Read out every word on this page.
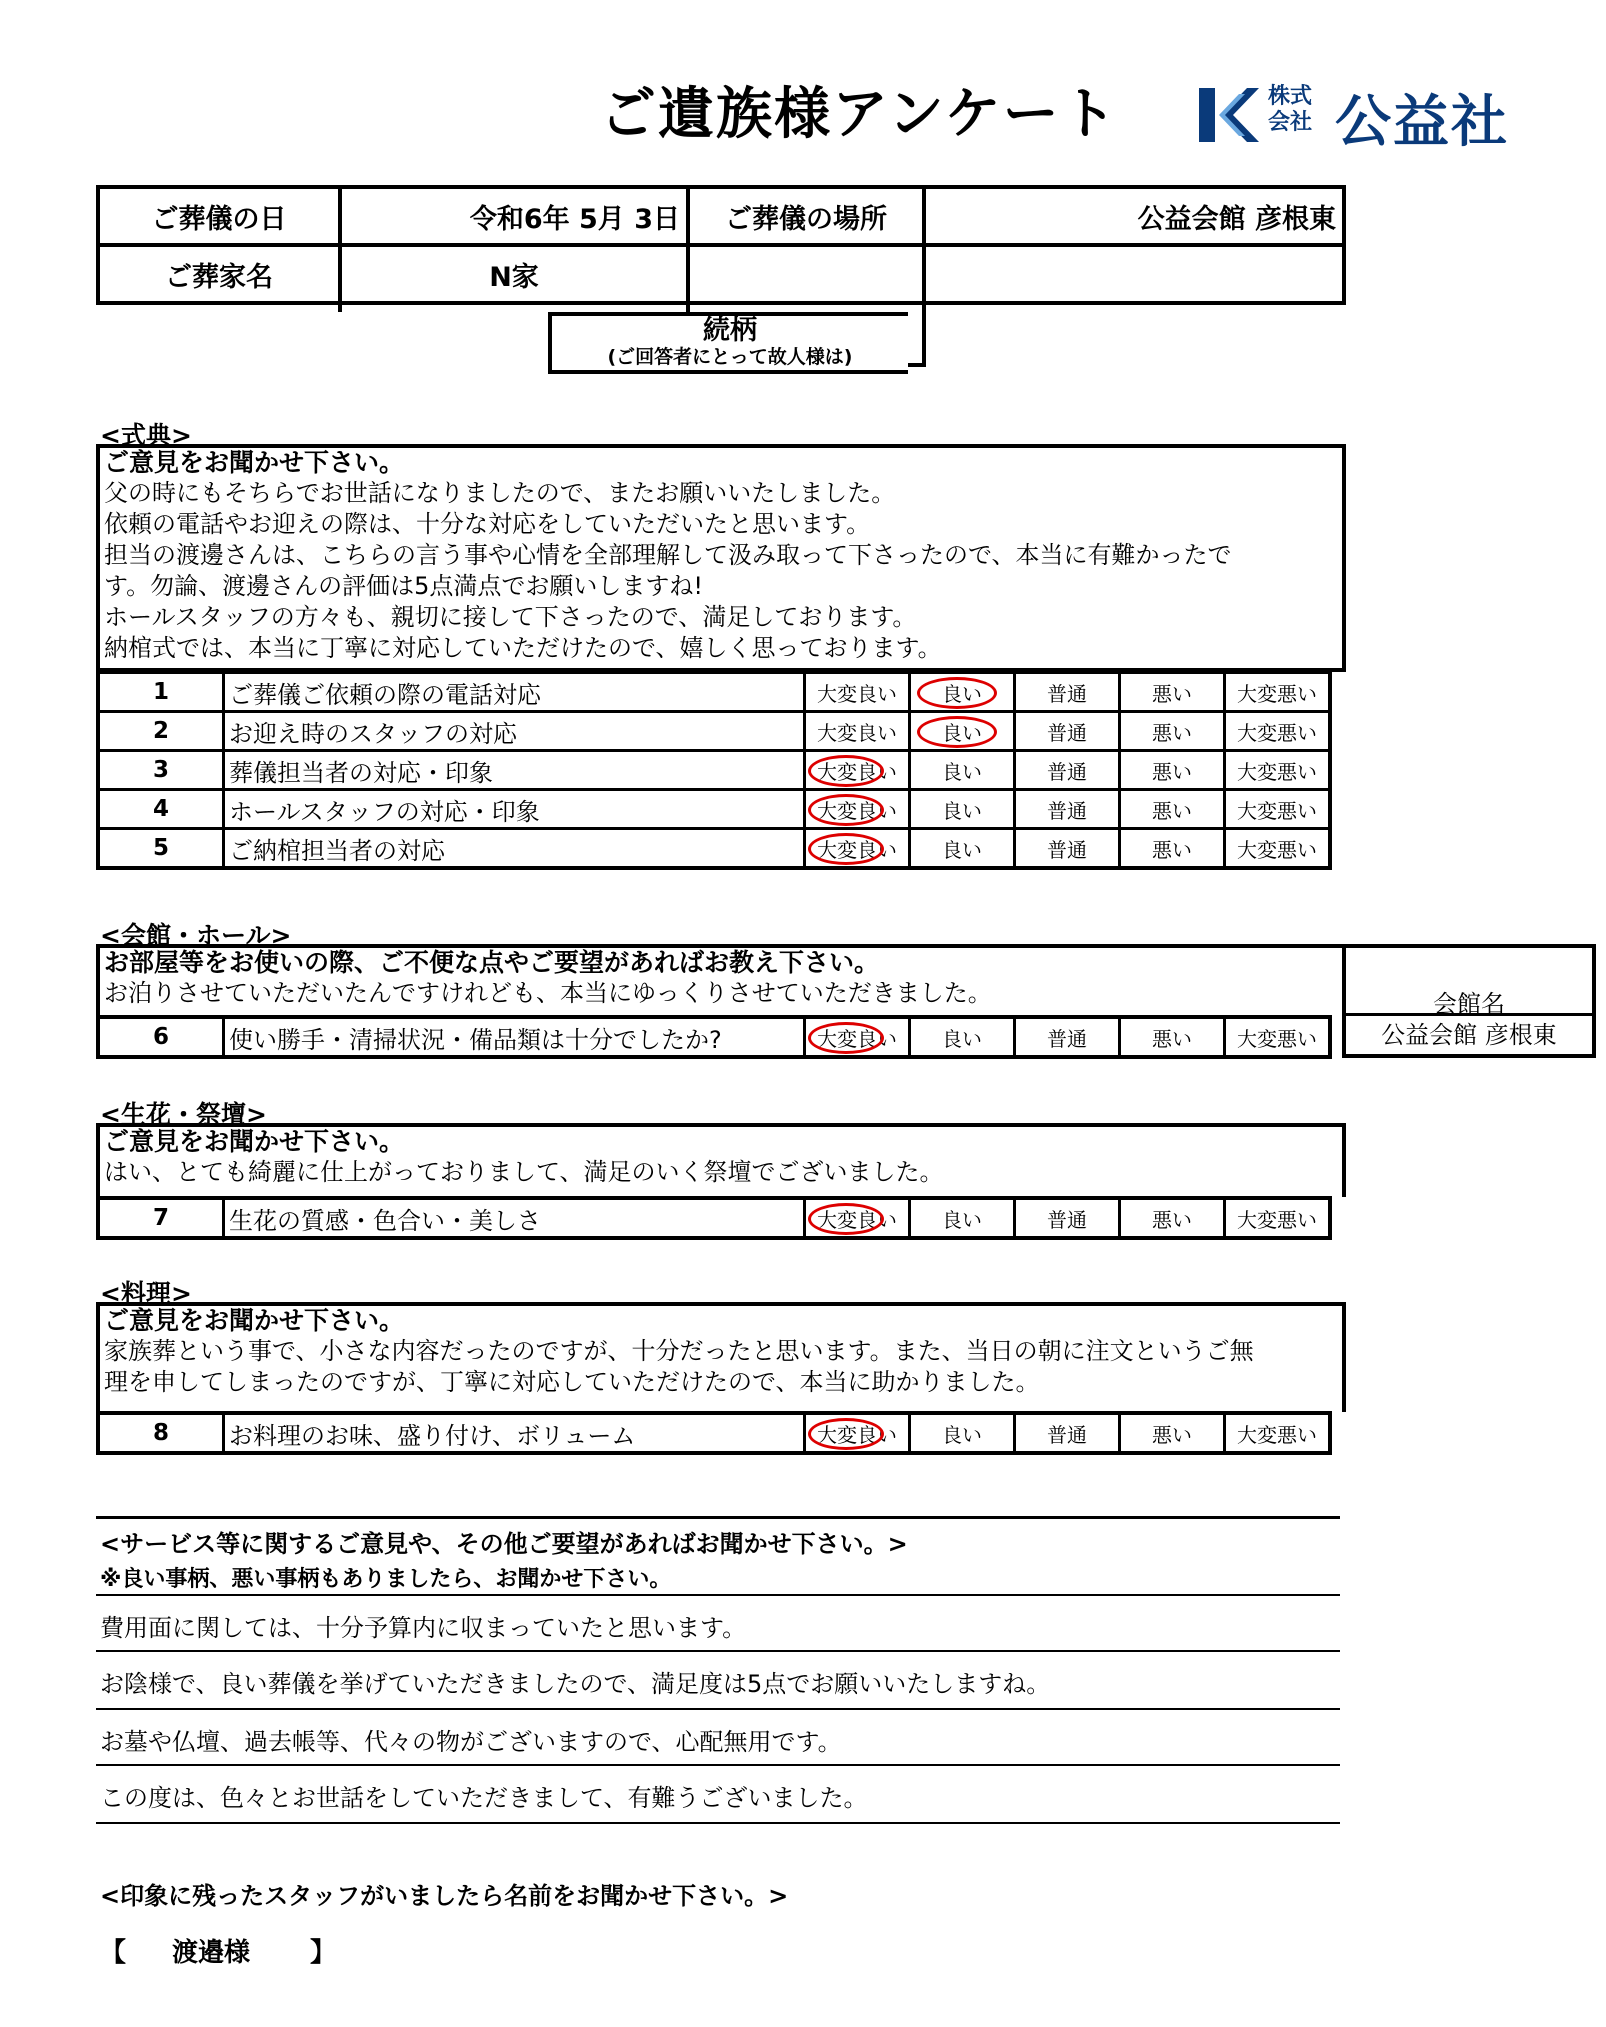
ご遺族様アンケート	株式
会社 公益社
ご葬儀の日	令和6年 5月 3日	ご葬儀の場所	公益会館 彦根東
ご葬家名	N家		

続柄
(ご回答者にとって故人様は)
<式典>
ご意見をお聞かせ下さい。
父の時にもそちらでお世話になりましたので、またお願いいたしました。
依頼の電話やお迎えの際は、十分な対応をしていただいたと思います。
担当の渡邊さんは、こちらの言う事や心情を全部理解して汲み取って下さったので、本当に有難かったで
す。勿論、渡邊さんの評価は5点満点でお願いしますね!
ホールスタッフの方々も、親切に接して下さったので、満足しております。
納棺式では、本当に丁寧に対応していただけたので、嬉しく思っております。
1	ご葬儀ご依頼の際の電話対応	大変良い	良い	普通	悪い	大変悪い
2	お迎え時のスタッフの対応	大変良い	良い	普通	悪い	大変悪い
3	葬儀担当者の対応・印象	大変良い	良い	普通	悪い	大変悪い
4	ホールスタッフの対応・印象	大変良い	良い	普通	悪い	大変悪い
5	ご納棺担当者の対応	大変良い	良い	普通	悪い	大変悪い
<会館・ホール>
お部屋等をお使いの際、ご不便な点やご要望があればお教え下さい。
お泊りさせていただいたんですけれども、本当にゆっくりさせていただきました。	会館名
公益会館 彦根東
6	使い勝手・清掃状況・備品類は十分でしたか?	大変良い	良い	普通	悪い	大変悪い
<生花・祭壇>
ご意見をお聞かせ下さい。
はい、とても綺麗に仕上がっておりまして、満足のいく祭壇でございました。
7	生花の質感・色合い・美しさ	大変良い	良い	普通	悪い	大変悪い
<料理>
ご意見をお聞かせ下さい。
家族葬という事で、小さな内容だったのですが、十分だったと思います。また、当日の朝に注文というご無
理を申してしまったのですが、丁寧に対応していただけたので、本当に助かりました。
8	お料理のお味、盛り付け、ボリューム	大変良い	良い	普通	悪い	大変悪い
<サービス等に関するご意見や、その他ご要望があればお聞かせ下さい。>
※良い事柄、悪い事柄もありましたら、お聞かせ下さい。
費用面に関しては、十分予算内に収まっていたと思います。
お陰様で、良い葬儀を挙げていただきましたので、満足度は5点でお願いいたしますね。
お墓や仏壇、過去帳等、代々の物がございますので、心配無用です。
この度は、色々とお世話をしていただきまして、有難うございました。
<印象に残ったスタッフがいましたら名前をお聞かせ下さい。>
【 渡邉様 】
